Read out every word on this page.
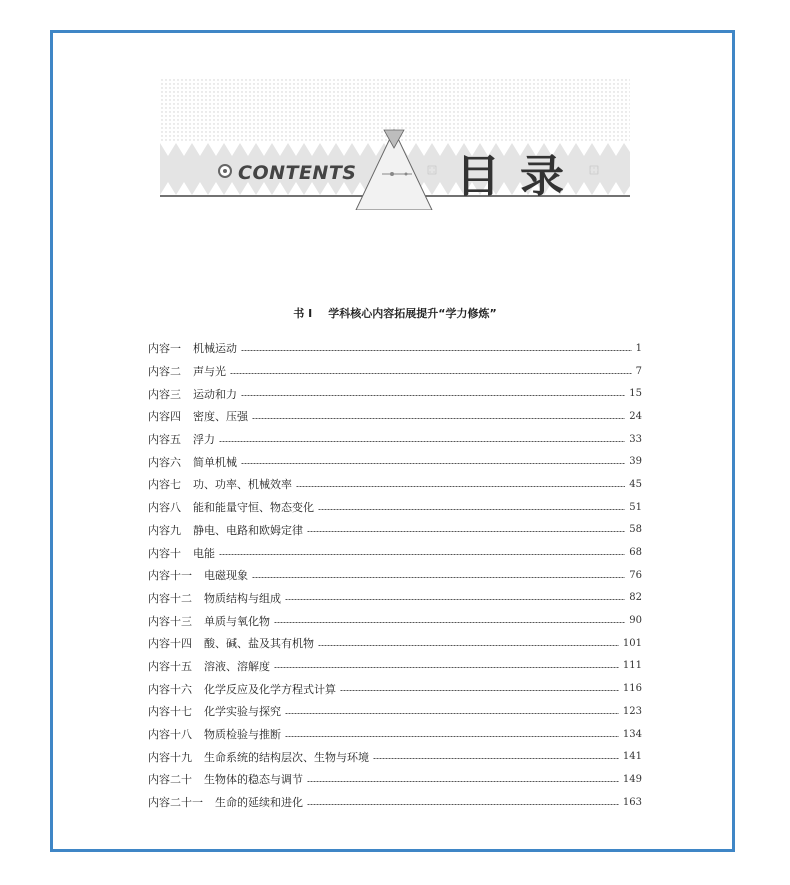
CONTENTS 目录
书 I 学科核心内容拓展提升“学力修炼”
内容一 机械运动	1
内容二 声与光	7
内容三 运动和力	15
内容四 密度、压强	24
内容五 浮力	33
内容六 简单机械	39
内容七 功、功率、机械效率	45
内容八 能和能量守恒、物态变化	51
内容九 静电、电路和欧姆定律	58
内容十 电能	68
内容十一 电磁现象	76
内容十二 物质结构与组成	82
内容十三 单质与氧化物	90
内容十四 酸、碱、盐及其有机物	101
内容十五 溶液、溶解度	111
内容十六 化学反应及化学方程式计算	116
内容十七 化学实验与探究	123
内容十八 物质检验与推断	134
内容十九 生命系统的结构层次、生物与环境	141
内容二十 生物体的稳态与调节	149
内容二十一 生命的延续和进化	163
